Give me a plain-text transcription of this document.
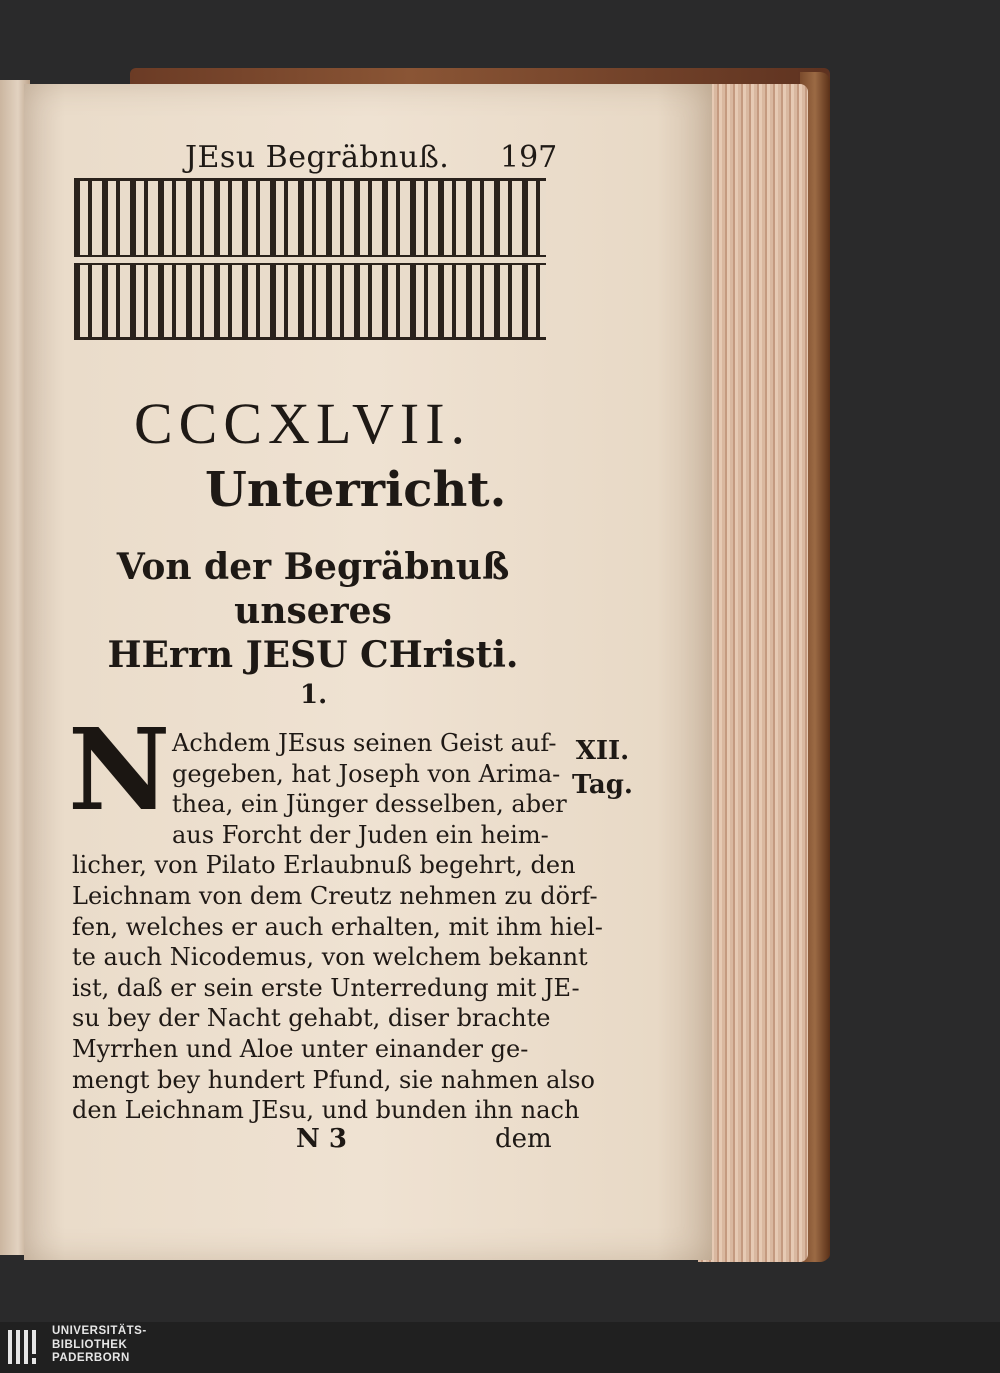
JEsu Begräbnuß. 197
CCCXLVII.
Unterricht.
Von der Begräbnuß unseres
HErrn JESU CHristi.
1.
N Achdem JEsus seinen Geist auf-
gegeben, hat Joseph von Arima-
thea, ein Jünger desselben, aber
aus Forcht der Juden ein heim-
licher, von Pilato Erlaubnuß begehrt, den
Leichnam von dem Creutz nehmen zu dörf-
fen, welches er auch erhalten, mit ihm hiel-
te auch Nicodemus, von welchem bekannt
ist, daß er sein erste Unterredung mit JE-
su bey der Nacht gehabt, diser brachte
Myrrhen und Aloe unter einander ge-
mengt bey hundert Pfund, sie nahmen also
den Leichnam JEsu, und bunden ihn nach
N 3	dem
XII.
Tag.
UNIVERSITÄTS-
BIBLIOTHEK
PADERBORN
